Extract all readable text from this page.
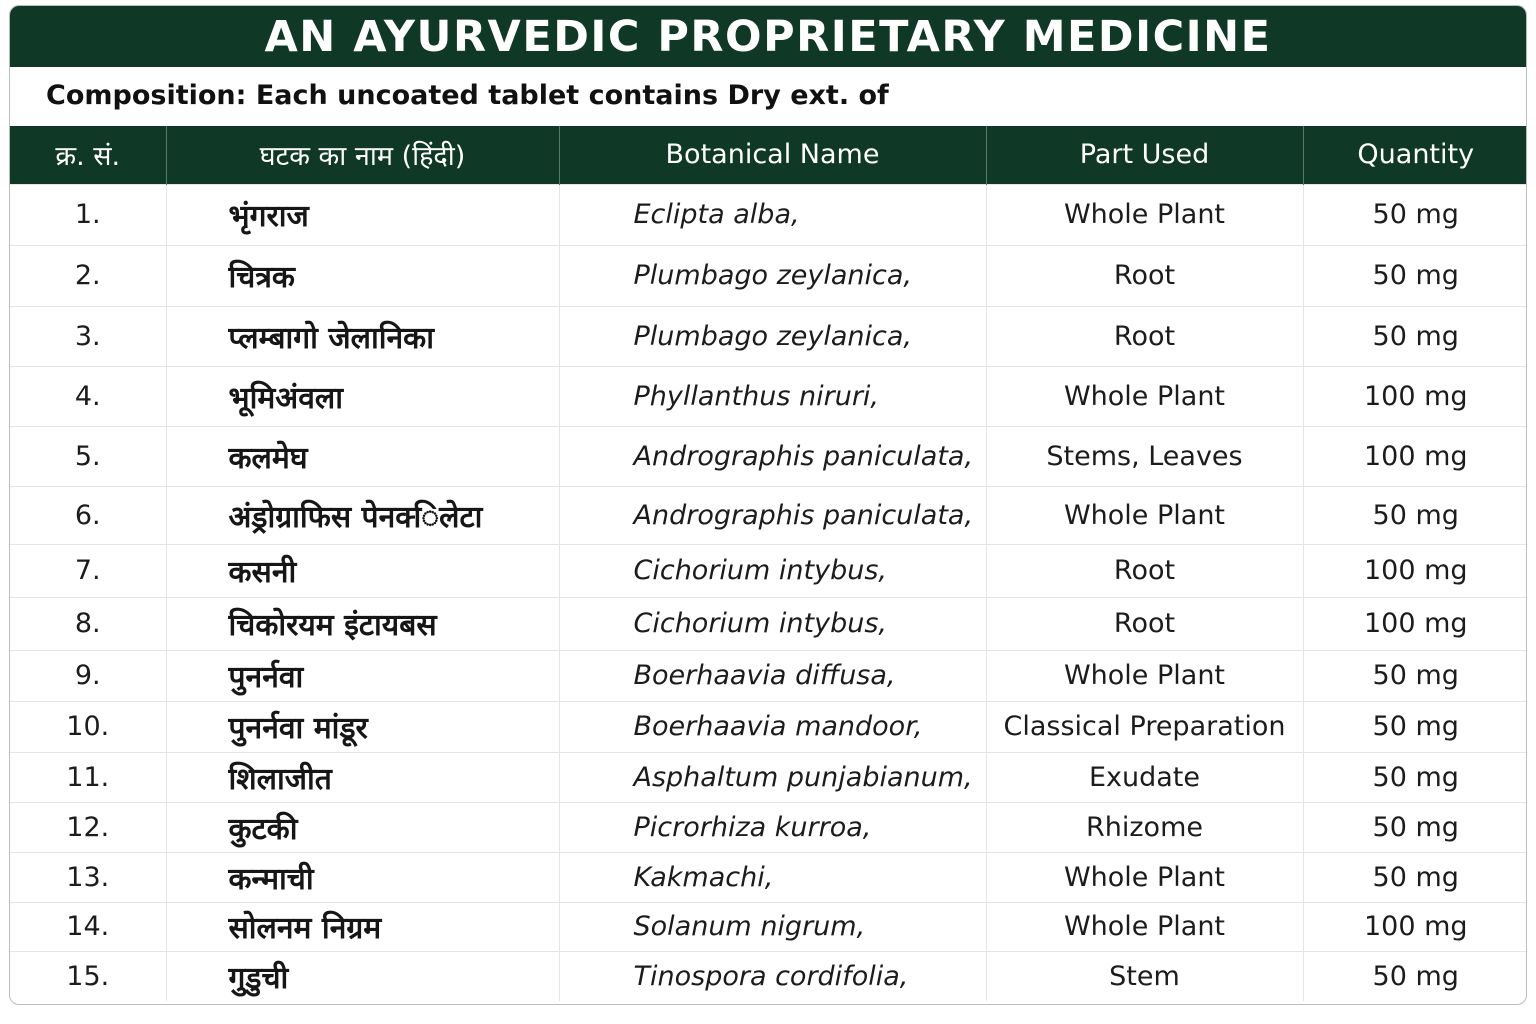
AN AYURVEDIC PROPRIETARY MEDICINE
Composition: Each uncoated tablet contains Dry ext. of
क्र. सं.	घटक का नाम (हिंदी)	Botanical Name	Part Used	Quantity
1.	भृंगराज	Eclipta alba,	Whole Plant	50 mg
2.	चित्रक	Plumbago zeylanica,	Root	50 mg
3.	प्लम्बागो जेलानिका	Plumbago zeylanica,	Root	50 mg
4.	भूमिअंवला	Phyllanthus niruri,	Whole Plant	100 mg
5.	कलमेघ	Andrographis paniculata,	Stems, Leaves	100 mg
6.	अंड्रोग्राफिस पेनक्‍िलेटा	Andrographis paniculata,	Whole Plant	50 mg
7.	कसनी	Cichorium intybus,	Root	100 mg
8.	चिकोरयम इंटायबस	Cichorium intybus,	Root	100 mg
9.	पुनर्नवा	Boerhaavia diffusa,	Whole Plant	50 mg
10.	पुनर्नवा मांडूर	Boerhaavia mandoor,	Classical Preparation	50 mg
11.	शिलाजीत	Asphaltum punjabianum,	Exudate	50 mg
12.	कुटकी	Picrorhiza kurroa,	Rhizome	50 mg
13.	कन्माची	Kakmachi,	Whole Plant	50 mg
14.	सोलनम निग्रम	Solanum nigrum,	Whole Plant	100 mg
15.	गुडुची	Tinospora cordifolia,	Stem	50 mg
